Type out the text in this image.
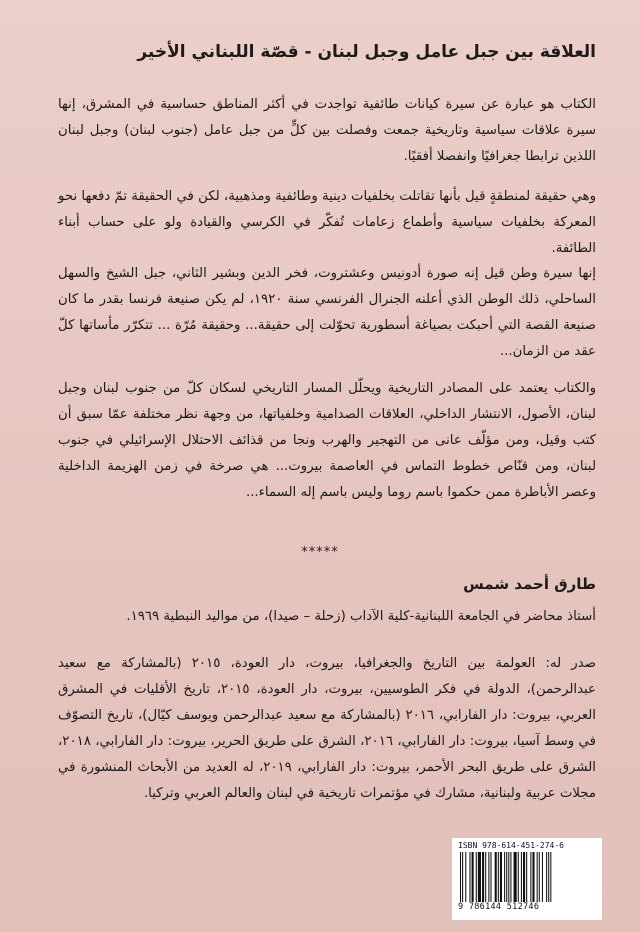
العلاقة بين جبل عامل وجبل لبنان - قصّة اللبناني الأخير
الكتاب هو عبارة عن سيرة كيانات طائفية تواجدت في أكثر المناطق حساسية في المشرق، إنها سيرة علاقات سياسية وتاريخية جمعت وفصلت بين كلٍّ من جبل عامل (جنوب لبنان) وجبل لبنان اللذين ترابطا جغرافيًا وانفصلا أفقيًا.
وهي حقيقة لمنطقةٍ قيل بأنها تقاتلت بخلفيات دينية وطائفية ومذهبية، لكن في الحقيقة تمّ دفعها نحو المعركة بخلفيات سياسية وأطماع زعامات تُفكّر في الكرسي والقيادة ولو على حساب أبناء الطائفة.
إنها سيرة وطن قيل إنه صورة أدونيس وعشتروت، فخر الدين وبشير الثاني، جبل الشيخ والسهل الساحلي، ذلك الوطن الذي أعلنه الجنرال الفرنسي سنة ١٩٢٠، لم يكن صنيعة فرنسا بقدر ما كان صنيعة القصة التي أحبكت بصياغة أسطورية تحوّلت إلى حقيقة... وحقيقة مُرّة ... تتكرّر مأساتها كلّ عقد من الزمان...
والكتاب يعتمد على المصادر التاريخية ويحلّل المسار التاريخي لسكان كلّ من جنوب لبنان وجبل لبنان، الأصول، الانتشار الداخلي، العلاقات الصدامية وخلفياتها، من وجهة نظر مختلفة عمّا سبق أن كتب وقيل، ومن مؤلّف عانى من التهجير والهرب ونجا من قذائف الاحتلال الإسرائيلي في جنوب لبنان، ومن قنّاص خطوط التماس في العاصمة بيروت... هي صرخة في زمن الهزيمة الداخلية وعصر الأباطرة ممن حكموا باسم روما وليس باسم إله السماء...
*****
طارق أحمد شمس
أستاذ محاضر في الجامعة اللبنانية-كلية الآداب (زحلة – صيدا)، من مواليد النبطية ١٩٦٩.
صدر له: العولمة بين التاريخ والجغرافيا، بيروت، دار العودة، ٢٠١٥ (بالمشاركة مع سعيد عبدالرحمن)، الدولة في فكر الطوسيين، بيروت، دار العودة، ٢٠١٥، تاريخ الأقليات في المشرق العربي، بيروت: دار الفارابي، ٢٠١٦ (بالمشاركة مع سعيد عبدالرحمن ويوسف كيّال)، تاريخ التصوّف في وسط آسيا، بيروت: دار الفارابي، ٢٠١٦، الشرق على طريق الحرير، بيروت: دار الفارابي، ٢٠١٨، الشرق على طريق البحر الأحمر، بيروت: دار الفارابي، ٢٠١٩، له العديد من الأبحاث المنشورة في مجلات عربية ولبنانية، مشارك في مؤتمرات تاريخية في لبنان والعالم العربي وتركيا.
ISBN 978-614-451-274-6
9 786144 512746
